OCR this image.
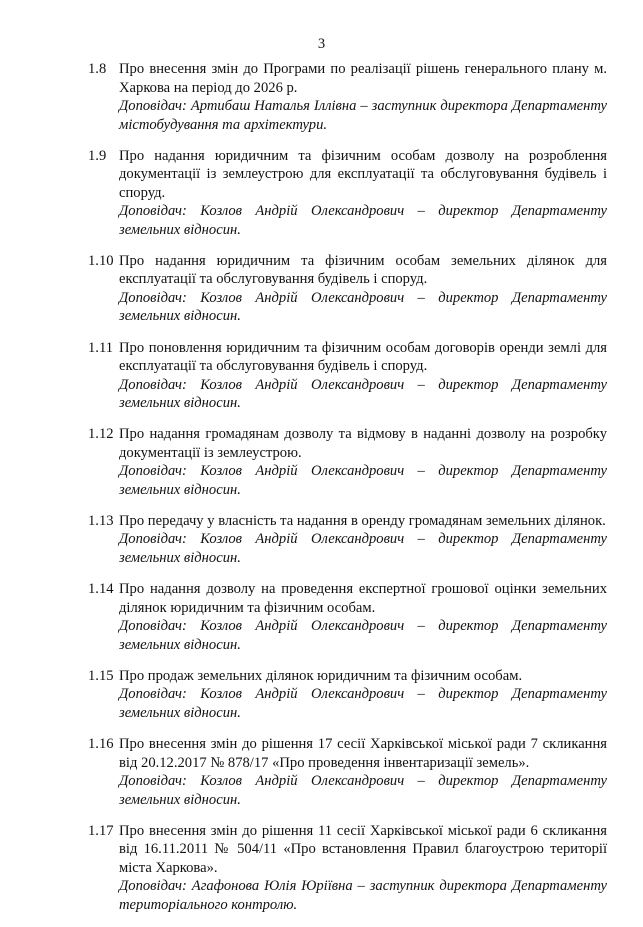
3
1.8 Про внесення змін до Програми по реалізації рішень генерального плану м. Харкова на період до 2026 р.

Доповідач: Артибаш Наталья Іллівна – заступник директора Департаменту містобудування та архітектури.

1.9 Про надання юридичним та фізичним особам дозволу на розроблення документації із землеустрою для експлуатації та обслуговування будівель і споруд.

Доповідач: Козлов Андрій Олександрович – директор Департаменту земельних відносин.

1.10 Про надання юридичним та фізичним особам земельних ділянок для експлуатації та обслуговування будівель і споруд.

Доповідач: Козлов Андрій Олександрович – директор Департаменту земельних відносин.

1.11 Про поновлення юридичним та фізичним особам договорів оренди землі для експлуатації та обслуговування будівель і споруд.

Доповідач: Козлов Андрій Олександрович – директор Департаменту земельних відносин.

1.12 Про надання громадянам дозволу та відмову в наданні дозволу на розробку документації із землеустрою.

Доповідач: Козлов Андрій Олександрович – директор Департаменту земельних відносин.

1.13 Про передачу у власність та надання в оренду громадянам земельних ділянок.

Доповідач: Козлов Андрій Олександрович – директор Департаменту земельних відносин.

1.14 Про надання дозволу на проведення експертної грошової оцінки земельних ділянок юридичним та фізичним особам.

Доповідач: Козлов Андрій Олександрович – директор Департаменту земельних відносин.

1.15 Про продаж земельних ділянок юридичним та фізичним особам.

Доповідач: Козлов Андрій Олександрович – директор Департаменту земельних відносин.

1.16 Про внесення змін до рішення 17 сесії Харківської міської ради 7 скликання від 20.12.2017 № 878/17 «Про проведення інвентаризації земель».

Доповідач: Козлов Андрій Олександрович – директор Департаменту земельних відносин.

1.17 Про внесення змін до рішення 11 сесії Харківської міської ради 6 скликання від 16.11.2011 № 504/11 «Про встановлення Правил благоустрою території міста Харкова».

Доповідач: Агафонова Юлія Юріївна – заступник директора Департаменту територіального контролю.
